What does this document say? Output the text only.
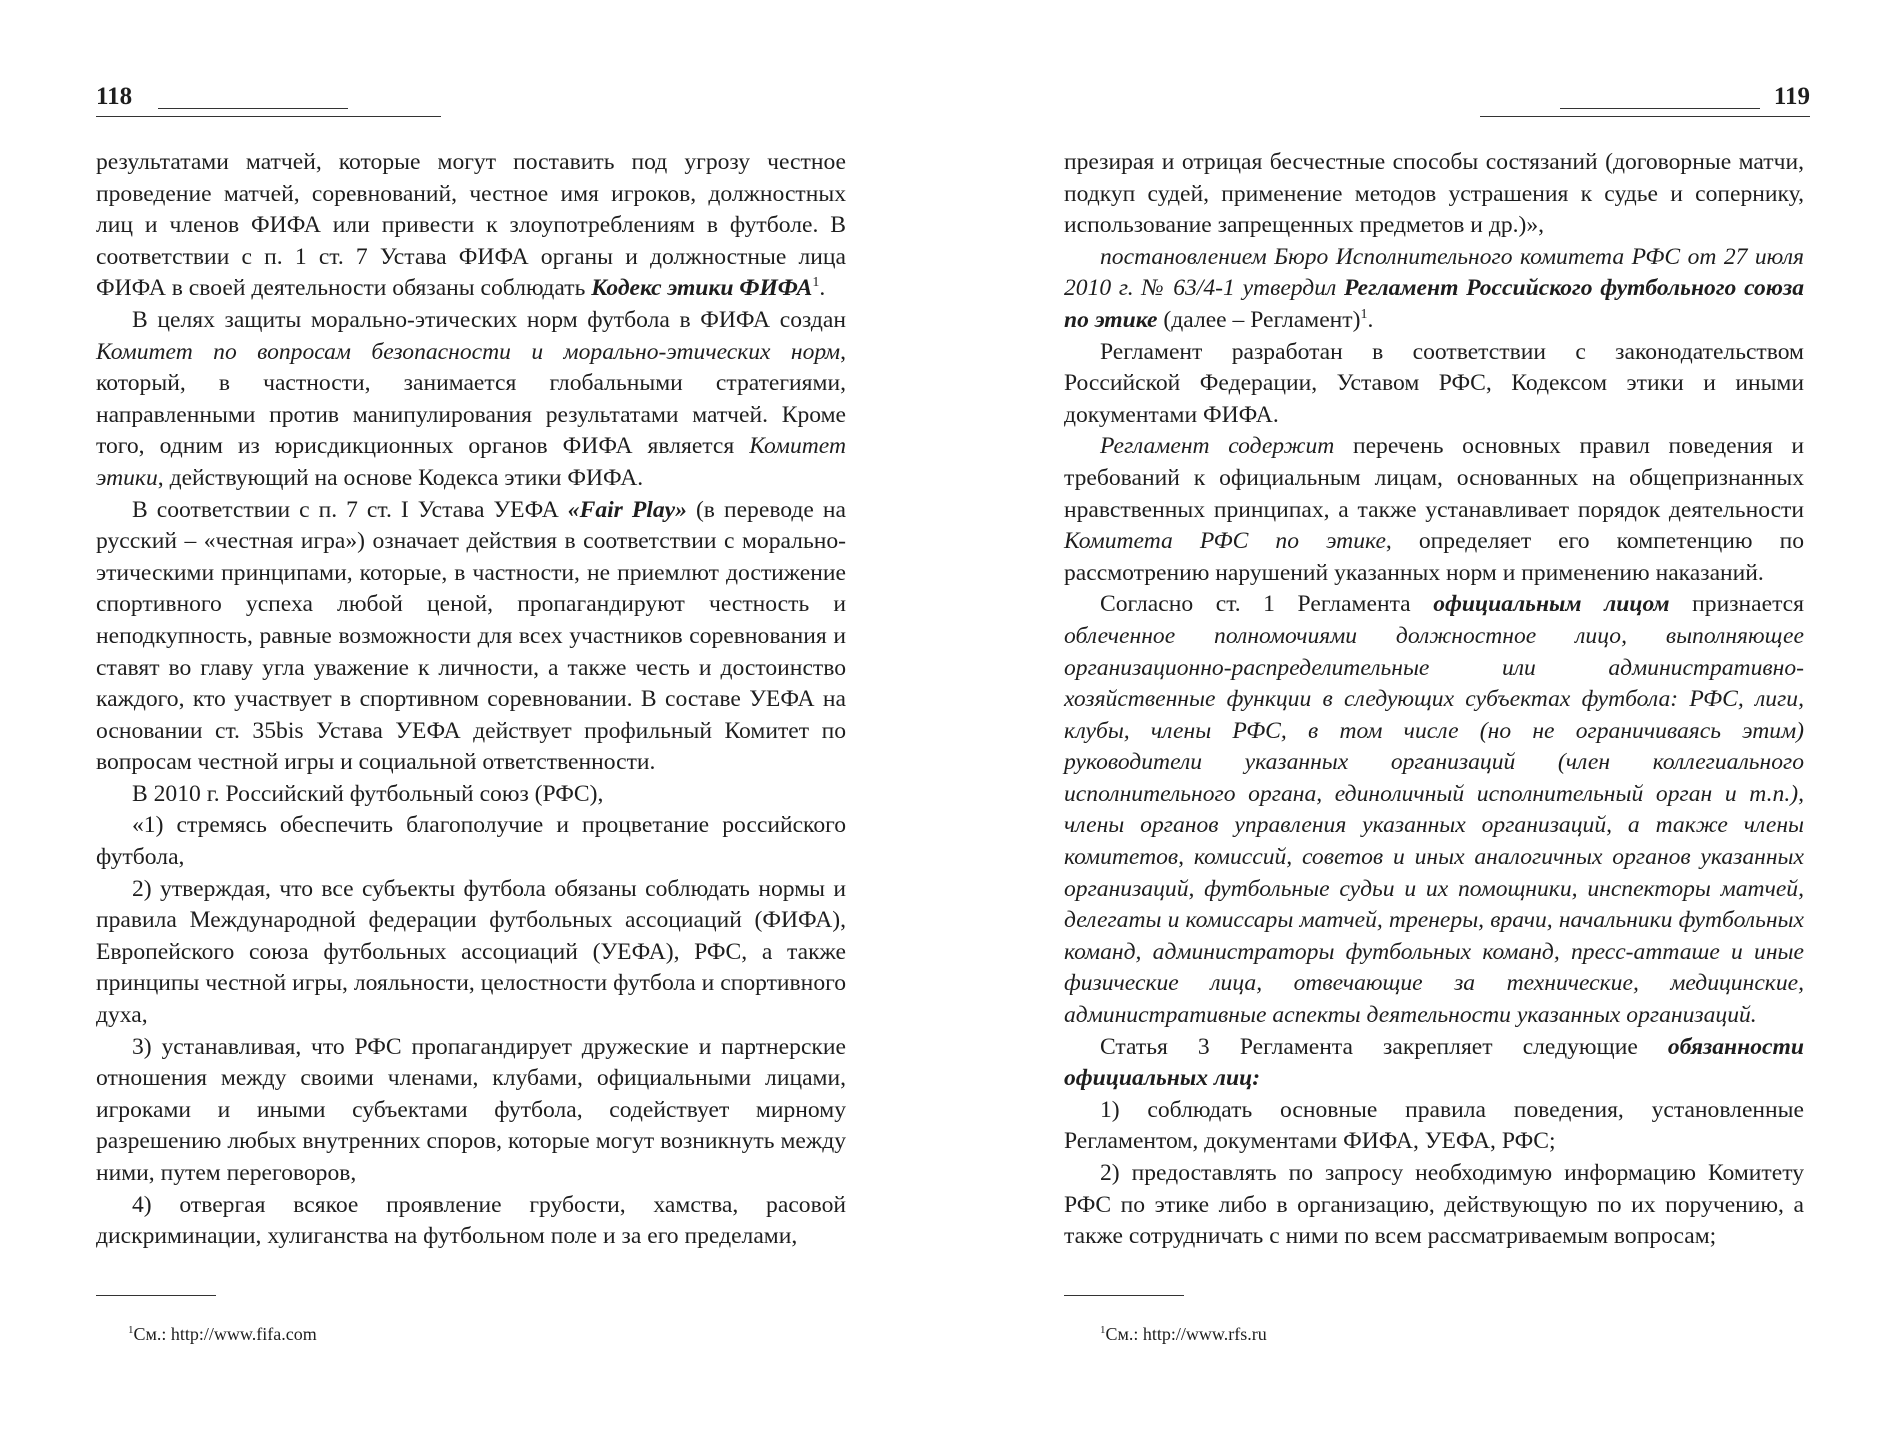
118

результатами матчей, которые могут поставить под угрозу честное проведение матчей, соревнований, честное имя игроков, должностных лиц и членов ФИФА или привести к злоупотреблениям в футболе. В соответствии с п. 1 ст. 7 Устава ФИФА органы и должностные лица ФИФА в своей деятельности обязаны соблюдать Кодекс этики ФИФА$^1$.

В целях защиты морально-этических норм футбола в ФИФА создан Комитет по вопросам безопасности и морально-этических норм, который, в частности, занимается глобальными стратегиями, направленными против манипулирования результатами матчей. Кроме того, одним из юрисдикционных органов ФИФА является Комитет этики, действующий на основе Кодекса этики ФИФА.

В соответствии с п. 7 ст. I Устава УЕФА «Fair Play» (в переводе на русский – «честная игра») означает действия в соответствии с морально-этическими принципами, которые, в частности, не приемлют достижение спортивного успеха любой ценой, пропагандируют честность и неподкупность, равные возможности для всех участников соревнования и ставят во главу угла уважение к личности, а также честь и достоинство каждого, кто участвует в спортивном соревновании. В составе УЕФА на основании ст. 35bis Устава УЕФА действует профильный Комитет по вопросам честной игры и социальной ответственности.

В 2010 г. Российский футбольный союз (РФС),

«1) стремясь обеспечить благополучие и процветание российского футбола,

2) утверждая, что все субъекты футбола обязаны соблюдать нормы и правила Международной федерации футбольных ассоциаций (ФИФА), Европейского союза футбольных ассоциаций (УЕФА), РФС, а также принципы честной игры, лояльности, целостности футбола и спортивного духа,

3) устанавливая, что РФС пропагандирует дружеские и партнерские отношения между своими членами, клубами, официальными лицами, игроками и иными субъектами футбола, содействует мирному разрешению любых внутренних споров, которые могут возникнуть между ними, путем переговоров,

4) отвергая всякое проявление грубости, хамства, расовой дискриминации, хулиганства на футбольном поле и за его пределами,

$^1$См.: http://www.fifa.com
119

презирая и отрицая бесчестные способы состязаний (договорные матчи, подкуп судей, применение методов устрашения к судье и сопернику, использование запрещенных предметов и др.)»,

постановлением Бюро Исполнительного комитета РФС от 27 июля 2010 г. № 63/4-1 утвердил Регламент Российского футбольного союза по этике (далее – Регламент)$^1$.

Регламент разработан в соответствии с законодательством Российской Федерации, Уставом РФС, Кодексом этики и иными документами ФИФА.

Регламент содержит перечень основных правил поведения и требований к официальным лицам, основанных на общепризнанных нравственных принципах, а также устанавливает порядок деятельности Комитета РФС по этике, определяет его компетенцию по рассмотрению нарушений указанных норм и применению наказаний.

Согласно ст. 1 Регламента официальным лицом признается облеченное полномочиями должностное лицо, выполняющее организационно-распределительные или административно-хозяйственные функции в следующих субъектах футбола: РФС, лиги, клубы, члены РФС, в том числе (но не ограничиваясь этим) руководители указанных организаций (член коллегиального исполнительного органа, единоличный исполнительный орган и т.п.), члены органов управления указанных организаций, а также члены комитетов, комиссий, советов и иных аналогичных органов указанных организаций, футбольные судьи и их помощники, инспекторы матчей, делегаты и комиссары матчей, тренеры, врачи, начальники футбольных команд, администраторы футбольных команд, пресс-атташе и иные физические лица, отвечающие за технические, медицинские, административные аспекты деятельности указанных организаций.

Статья 3 Регламента закрепляет следующие обязанности официальных лиц:

1) соблюдать основные правила поведения, установленные Регламентом, документами ФИФА, УЕФА, РФС;

2) предоставлять по запросу необходимую информацию Комитету РФС по этике либо в организацию, действующую по их поручению, а также сотрудничать с ними по всем рассматриваемым вопросам;

$^1$См.: http://www.rfs.ru
